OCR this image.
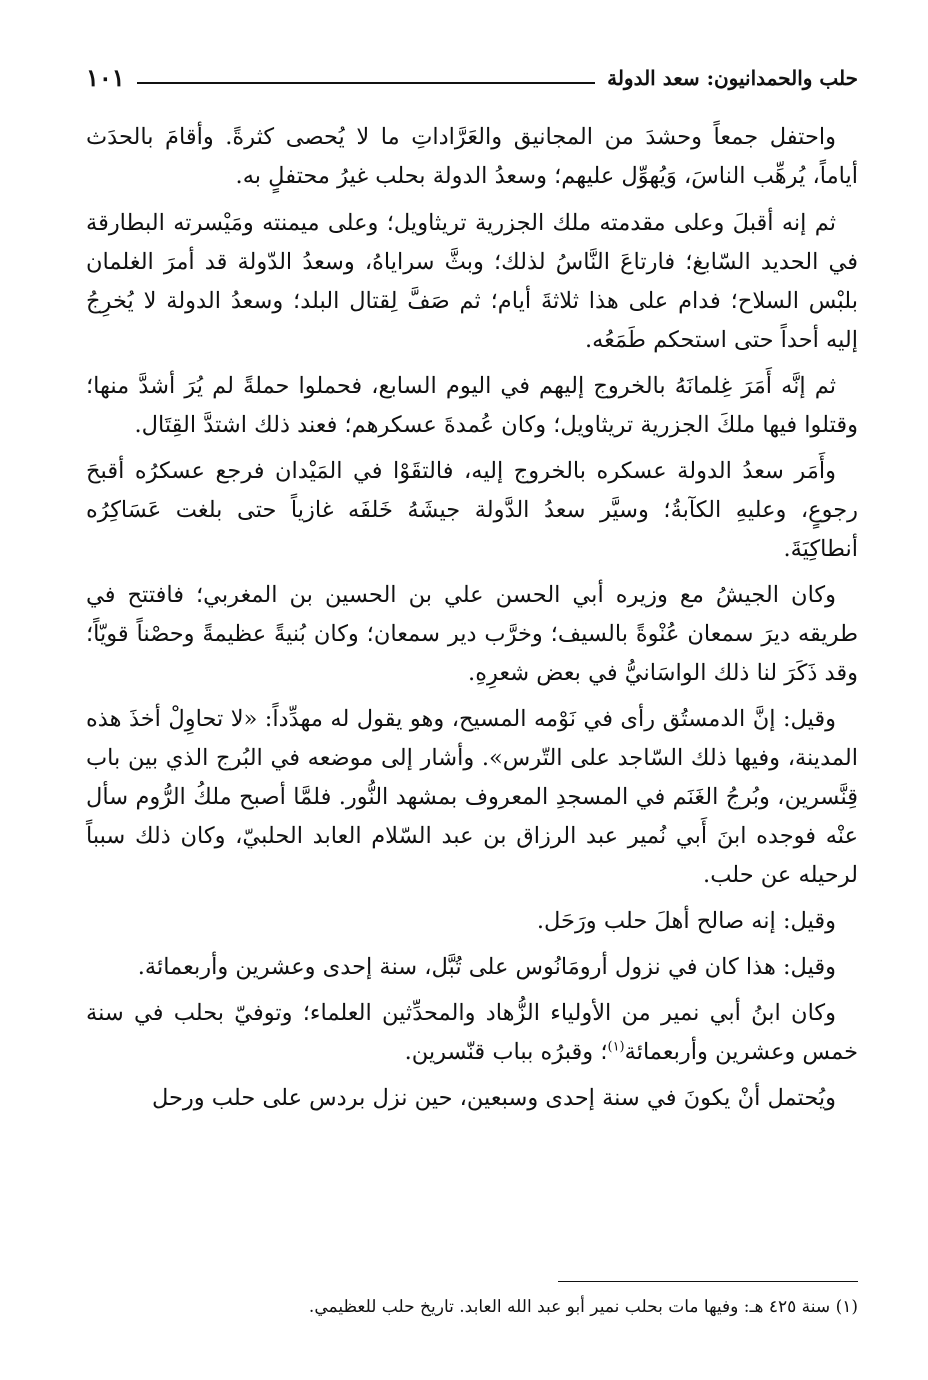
حلب والحمدانيون: سعد الدولة
١٠١

واحتفل جمعاً وحشدَ من المجانيق والعَرَّاداتِ ما لا يُحصى كثرةً. وأقامَ بالحدَث أياماً، يُرهِّب الناسَ، وَيُهوِّل عليهم؛ وسعدُ الدولة بحلب غيرُ محتفلٍ به.

ثم إنه أقبلَ وعلى مقدمته ملك الجزرية تريثاويل؛ وعلى ميمنته ومَيْسرته البطارقة في الحديد السّابغ؛ فارتاعَ النَّاسُ لذلك؛ وبثَّ سراياهُ، وسعدُ الدّولة قد أمرَ الغلمان بلبْس السلاح؛ فدام على هذا ثلاثةَ أيام؛ ثم صَفَّ لِقتال البلد؛ وسعدُ الدولة لا يُخرِجُ إليه أحداً حتى استحكم طَمَعُه.

ثم إنَّه أَمَرَ غِلمانَهُ بالخروج إليهم في اليوم السابع، فحملوا حملةً لم يُرَ أشدَّ منها؛ وقتلوا فيها ملكَ الجزرية تريثاويل؛ وكان عُمدةَ عسكرهم؛ فعند ذلك اشتدَّ القِتَال.

وأَمَر سعدُ الدولة عسكره بالخروج إليه، فالتقَوْا في المَيْدان فرجع عسكرُه أقبحَ رجوعٍ، وعليهِ الكآبةُ؛ وسيَّر سعدُ الدَّولة جيشَهُ خَلفَه غازياً حتى بلغت عَسَاكِرُه أنطاكِيَةَ.

وكان الجيشُ مع وزيره أبي الحسن علي بن الحسين بن المغربي؛ فافتتح في طريقه ديرَ سمعان عُنْوةً بالسيف؛ وخرَّب دير سمعان؛ وكان بُنيةً عظيمةً وحصْناً قويّاً؛ وقد ذَكَرَ لنا ذلك الواسَانيُّ في بعض شعرِهِ.

وقيل: إنَّ الدمستُق رأى في نَوْمه المسيح، وهو يقول له مهدِّداً: «لا تحاوِلْ أخذَ هذه المدينة، وفيها ذلك السّاجد على التّرس». وأشار إلى موضعه في البُرج الذي بين باب قِنَّسرين، وبُرجُ الغَنَم في المسجدِ المعروف بمشهد النُّور. فلمَّا أصبح ملكُ الرُّوم سأل عنْه فوجده ابنَ أَبي نُمير عبد الرزاق بن عبد السّلام العابد الحلبيّ، وكان ذلك سبباً لرحيله عن حلب.

وقيل: إنه صالح أهلَ حلب ورَحَل.

وقيل: هذا كان في نزول أرومَانُوس على تُبَّل، سنة إحدى وعشرين وأربعمائة.

وكان ابنُ أبي نمير من الأولياء الزُّهاد والمحدِّثين العلماء؛ وتوفيّ بحلب في سنة خمس وعشرين وأربعمائة$^{(١)}$؛ وقبرُه بباب قنّسرين.

ويُحتمل أنْ يكونَ في سنة إحدى وسبعين، حين نزل بردس على حلب ورحل

(١) سنة ٤٢٥ هـ: وفيها مات بحلب نمير أبو عبد الله العابد. تاريخ حلب للعظيمي.
